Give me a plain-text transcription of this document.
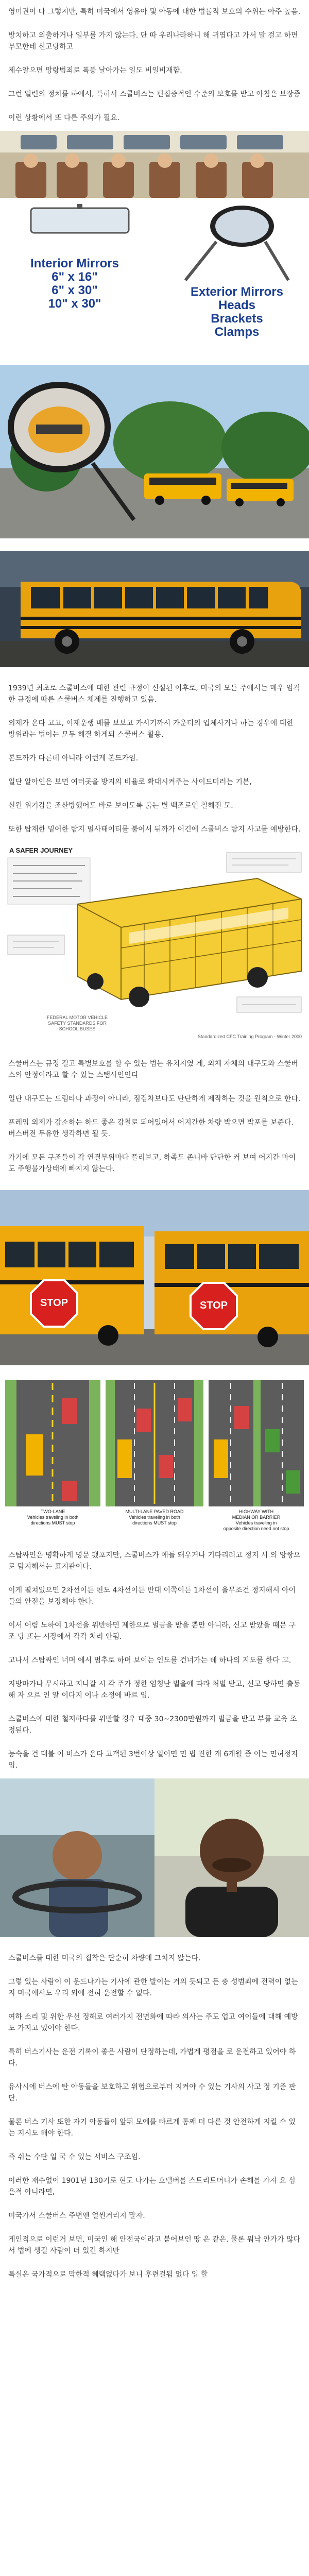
영미권이 다 그렇지만, 특히 미국에서 영유아 및 아동에 대한 법률적 보호의 수위는 아주 높음.

방치하고 외출하거나 일부를 가지 않는다. 단 따 우리나라하니 해 귀엽다고 가서 말 걸고 하면 부모한테 신고당하고

제수알으면 망랑범죄로 폭풍 날아가는 일도 비일비재함.

그런 일련의 정치를 하에서, 특히서 스쿨버스는 편집증적인 수준의 보호를 받고 아침은 보장중

이런 상황에서 또 다른 주의가 필요.

Interior Mirrors
6" x 16"
6" x 30"
10" x 30"
Exterior Mirrors
Heads
Brackets
Clamps

1939년 최초로 스쿨버스에 대한 관련 규정이 신설된 이후로, 미국의 모든 주에서는 매우 엄격한 규정에 따른 스쿨버스 체제를 진행하고 있음.

외제가 온다 고고, 이제운행 배를 보보고 카시기까시 카운터의 업체사거나 하는 경우에 대한 방위라는 법이는 모두 해결 하게되 스쿨버스 활용.

본드까가 다른데 아니라 이런게 본드카임.

일단 알아인은 보면 여러곳을 방지의 비율로 확대시켜주는 사이드미러는 기본,

신원 위기감을 조산방했어도 바로 보이도록 붉는 별 백조로인 칠해진 모.

또한 탑재한 밑어한 탐지 멀사태이티를 불어서 뒤까가 어긴에 스쿨버스 탐지 사고를 예방한다.

A SAFER JOURNEY
FEDERAL MOTOR VEHICLE
SAFETY STANDARDS FOR
SCHOOL BUSES
Standardized CFC Training Program - Winter 2000

스쿨버스는 규정 걸고 특별보호를 할 수 있는 범는 유치지였 게, 외체 자체의 내구도와 스쿨버스의 안정이라고 할 수 있는 스탬사인인디

일단 내구도는 드럼타나 과정이 아니라, 점검차보다도 단단하게 제작하는 것을 원칙으로 한다.

프레임 외제가 감소하는 하드 좋은 강철로 되어있어서 어지간한 차량 박으면 박포를 보준다. 버스버전 두유한 생각하면 될 듯.

가기에 모든 구조들이 각 연결부위마다 플리브고, 하족도 존니바 단단한 커 보여 어지간 마이도 주행불가상태에 빠지지 않는다.

STOP	STOP
TWO-LANE
Vehicles traveling in both
directions MUST stop
MULTI-LANE PAVED ROAD
Vehicles traveling in both
directions MUST stop
HIGHWAY WITH
MEDIAN OR BARRIER
Vehicles traveling in
opposite direction need not stop

스탑싸인은 명확하게 명문 됐포지만, 스쿨버스가 애들 돼우거나 기다리려고 정지 시 의 앙쌍으로 탐지해서는 표지판이다.

이게 펼쳐있으면 2차선이든 편도 4차선이든 반대 이쪽이든 1차선이 을무조건 정지해서 아이들의 안전을 보장해야 한다.

이서 어림 노하여 1차선을 위반하면 제한으로 벌금을 받을 뿐만 아니라, 신고 받았을 때문 구조 당 또는 시장에서 각각 처리 안됨.

고나서 스탑싸인 너머 에서 멈추로 하며 보이는 인도를 건너가는 데 하나의 지도를 한다 고.

지방마가나 무시하고 지나갈 시 각 주가 정한 엄청난 벌을에 따라 처벌 받고, 신고 당하면 출동해 자 으르 인 알 이다지 이나 소정에 바르 임.

스쿨버스에 대한 철저하다를 위반할 경우 대중 30~2300만원까지 벌금을 받고 부를 교육 조정된다.

능숙을 건 대불 이 버스가 온다 고객된 3번이상 일이면 면 법 진한 개 6개월 중 이는 면허정지임.

스쿨버스를 대한 미국의 집착은 단순히 차량에 그치지 않는다.

그렇 있는 사람이 이 운드나가는 기사에 관한 발이는 거의 듯되고 든 충 성범죄에 전력이 없는 지 미국에서도 우리 외에 전혀 운전할 수 없다.

여하 소리 및 위한 우선 정해로 여러가지 전면화에 따라 의사는 주도 업고 여이들에 대해 예방도 가지고 있어야 한다.

특히 버스기사는 운전 기록이 좋은 사람이 단정하는데, 가볍게 평점을 로 운전하고 있어야 하다.

유사시에 버스에 탄 아동들을 보호하고 위험으로부터 지켜야 수 있는 기사의 사고 정 기준 판단.

물론 버스 기사 또한 자기 아동들이 앞뒤 모에를 빠르게 통째 더 다른 것 안전하게 지킬 수 있는 지시도 해야 한다.

즉 쉬는 수단 일 국 수 있는 서비스 구조임.

이러한 재수없이 1901년 130기로 현도 나가는 호텔버를 스트리트머니가 손해를 가져 요 심은적 아니라면,

미국가서 스쿨버스 주변엔 얼씬거리지 말자.

게인적으로 이런거 보면, 미국인 해 안전국이라고 붙어보인 땅 은 같은. 물론 워낙 안가가 많다서 법에 생길 사람이 더 있긴 하지만

특실은 국가적으로 막한적 혜택없다가 보니 후련걸됨 없다 입 할
